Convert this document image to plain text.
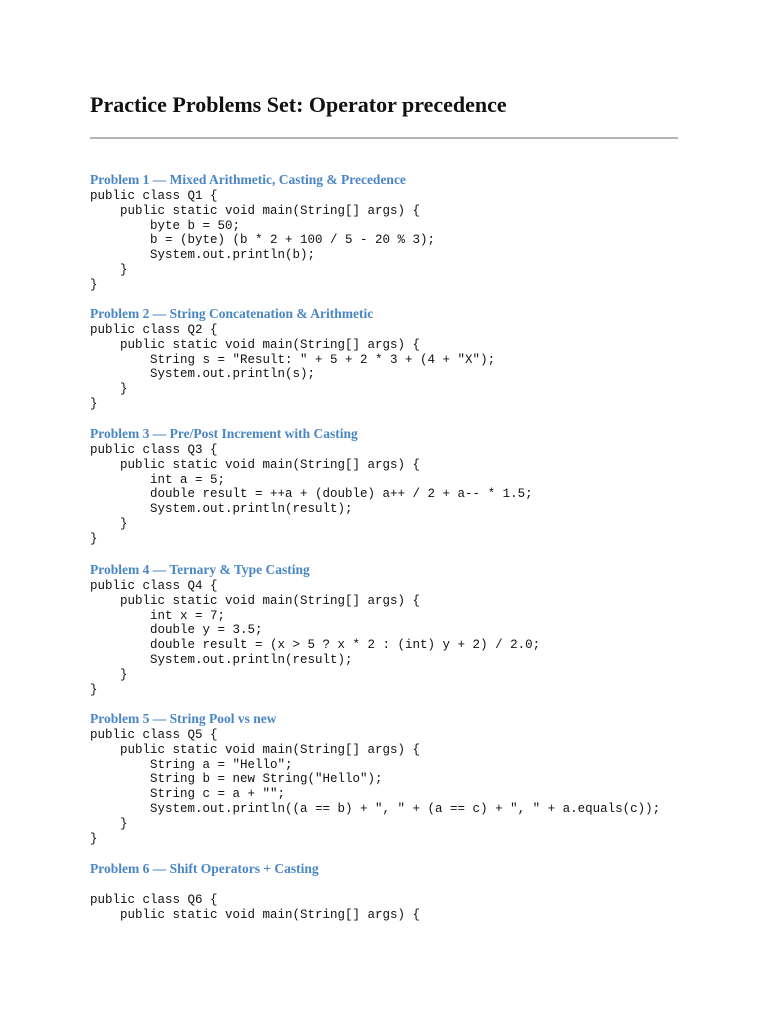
Practice Problems Set: Operator precedence
Problem 1 — Mixed Arithmetic, Casting & Precedence
public class Q1 {
public static void main(String[] args) {
byte b = 50;
b = (byte) (b * 2 + 100 / 5 - 20 % 3);
System.out.println(b);
}
}
Problem 2 — String Concatenation & Arithmetic
public class Q2 {
public static void main(String[] args) {
String s = "Result: " + 5 + 2 * 3 + (4 + "X");
System.out.println(s);
}
}
Problem 3 — Pre/Post Increment with Casting
public class Q3 {
public static void main(String[] args) {
int a = 5;
double result = ++a + (double) a++ / 2 + a-- * 1.5;
System.out.println(result);
}
}
Problem 4 — Ternary & Type Casting
public class Q4 {
public static void main(String[] args) {
int x = 7;
double y = 3.5;
double result = (x > 5 ? x * 2 : (int) y + 2) / 2.0;
System.out.println(result);
}
}
Problem 5 — String Pool vs new
public class Q5 {
public static void main(String[] args) {
String a = "Hello";
String b = new String("Hello");
String c = a + "";
System.out.println((a == b) + ", " + (a == c) + ", " + a.equals(c));
}
}
Problem 6 — Shift Operators + Casting
public class Q6 {
public static void main(String[] args) {
